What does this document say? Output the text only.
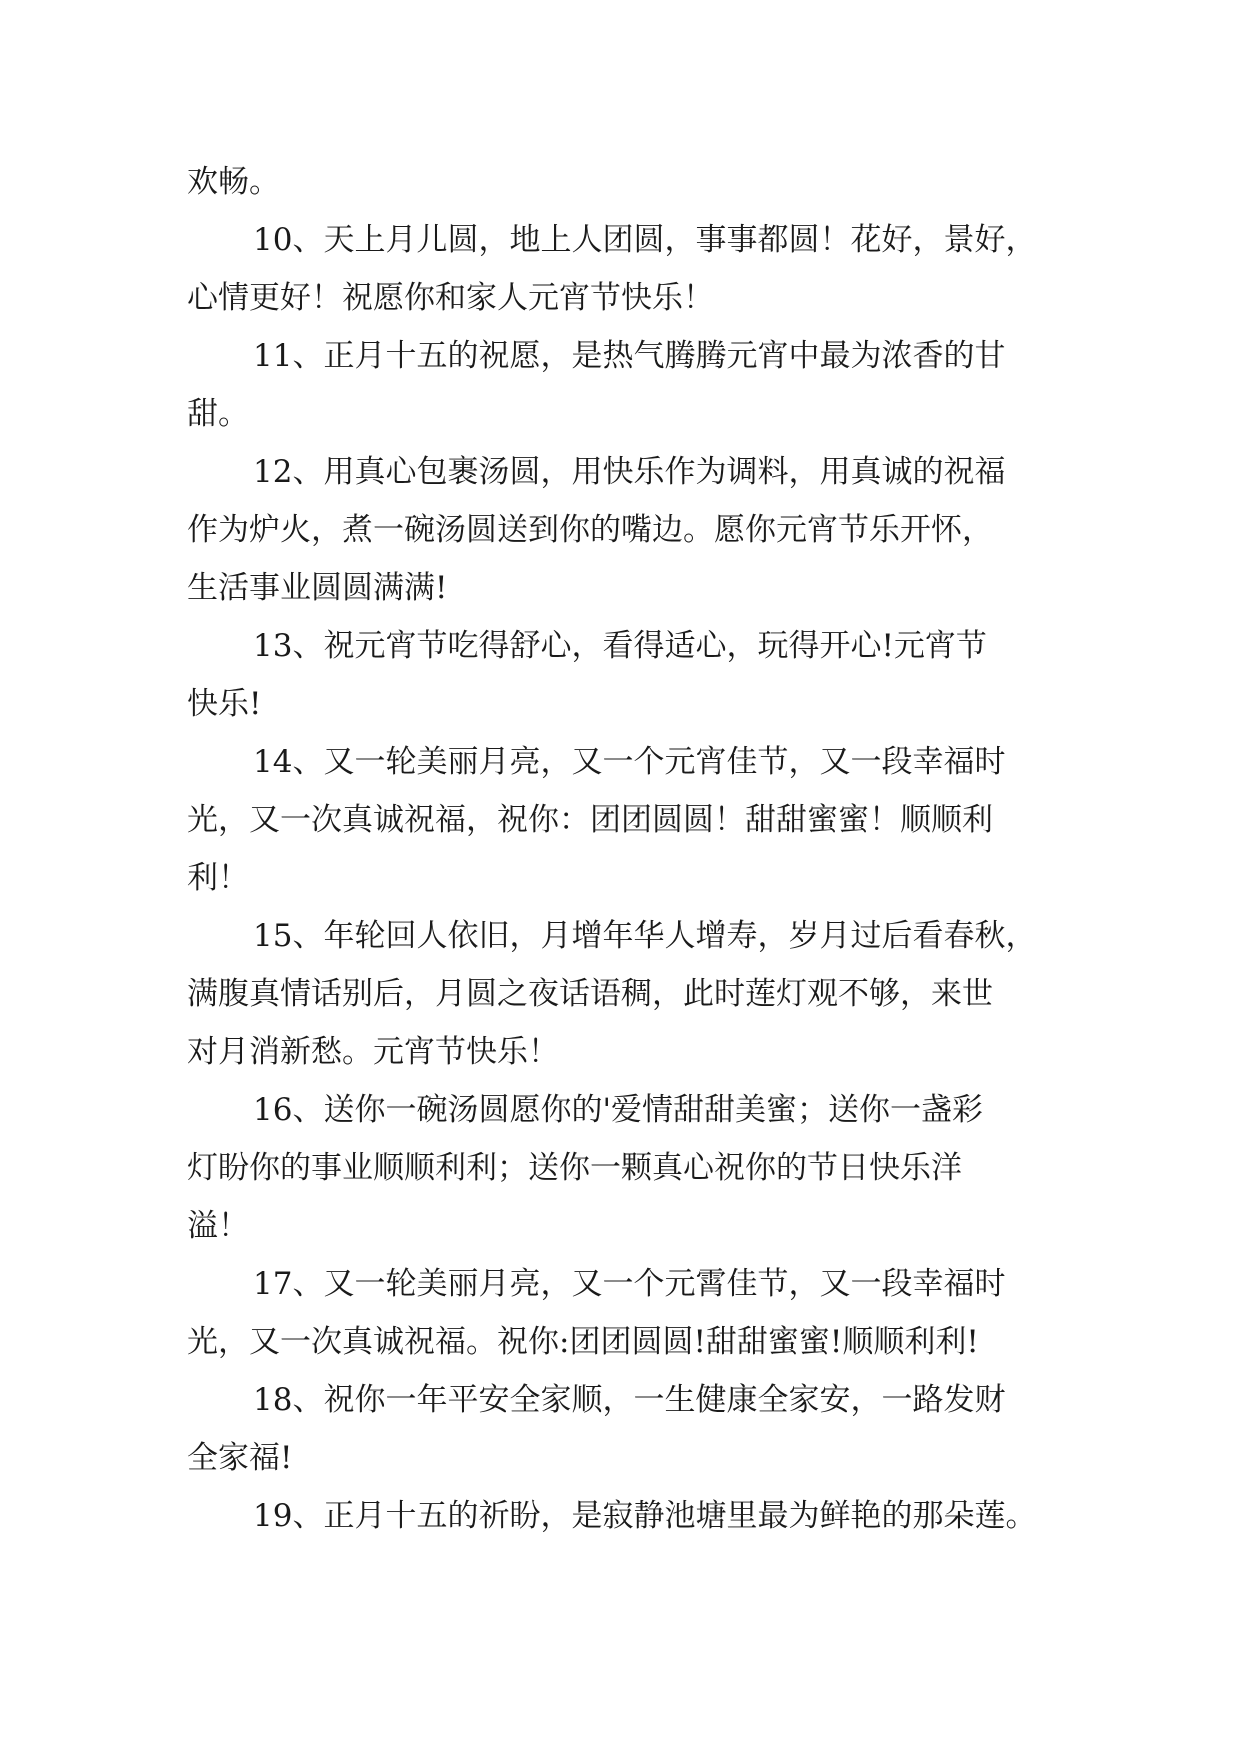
欢畅。

10、天上月儿圆，地上人团圆，事事都圆！花好，景好，
心情更好！祝愿你和家人元宵节快乐！

11、正月十五的祝愿，是热气腾腾元宵中最为浓香的甘
甜。

12、用真心包裹汤圆，用快乐作为调料，用真诚的祝福
作为炉火，煮一碗汤圆送到你的嘴边。愿你元宵节乐开怀，
生活事业圆圆满满!

13、祝元宵节吃得舒心，看得适心，玩得开心!元宵节
快乐!

14、又一轮美丽月亮，又一个元宵佳节，又一段幸福时
光，又一次真诚祝福，祝你：团团圆圆！甜甜蜜蜜！顺顺利
利！

15、年轮回人依旧，月增年华人增寿，岁月过后看春秋，
满腹真情话别后，月圆之夜话语稠，此时莲灯观不够，来世
对月消新愁。元宵节快乐！

16、送你一碗汤圆愿你的'爱情甜甜美蜜；送你一盏彩
灯盼你的事业顺顺利利；送你一颗真心祝你的节日快乐洋
溢！

17、又一轮美丽月亮，又一个元霄佳节，又一段幸福时
光，又一次真诚祝福。祝你:团团圆圆!甜甜蜜蜜!顺顺利利!

18、祝你一年平安全家顺，一生健康全家安，一路发财
全家福!

19、正月十五的祈盼，是寂静池塘里最为鲜艳的那朵莲。
